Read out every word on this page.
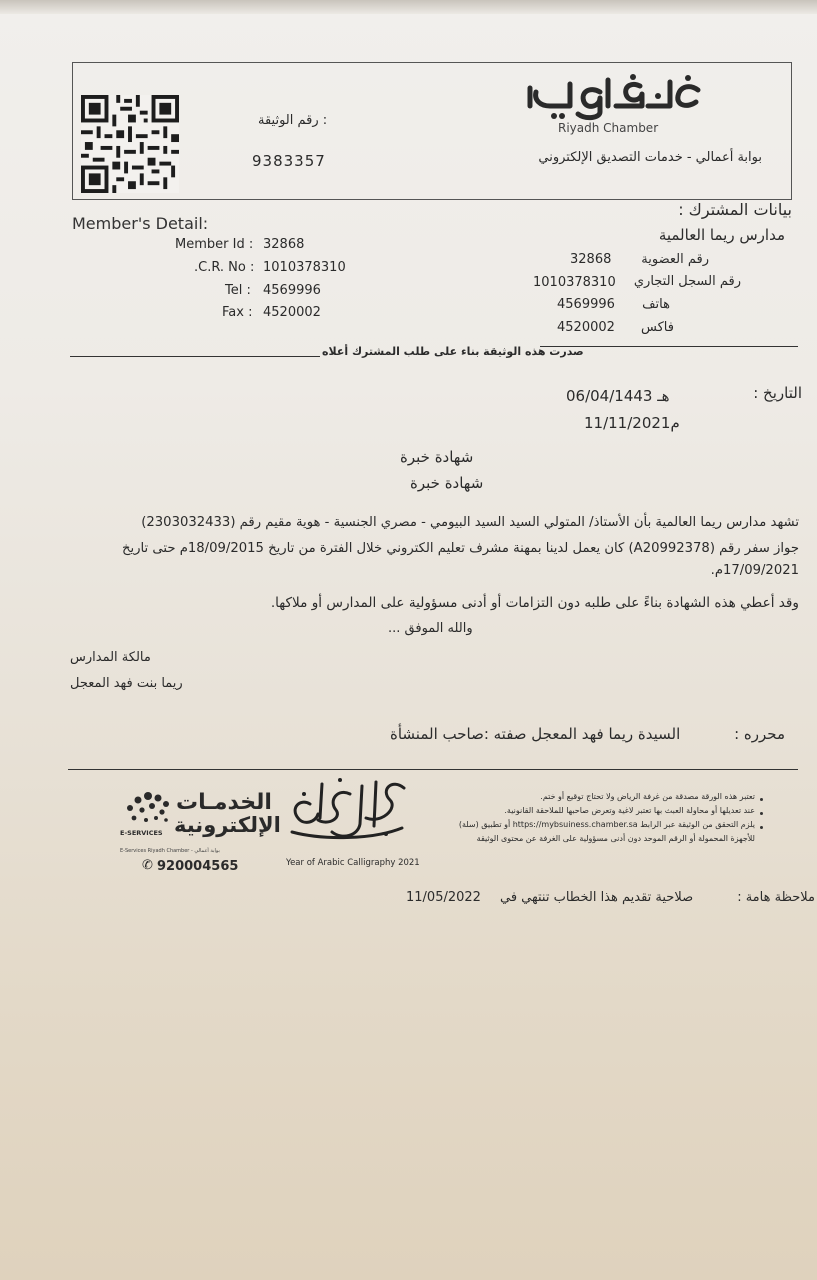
رقم الوثيقة :
9383357
Riyadh Chamber
بوابة أعمالي - خدمات التصديق الإلكتروني
Member's Detail:
Member Id : 32868
.C.R. No : 1010378310
Tel : 4569996
Fax : 4520002
بيانات المشترك :
مدارس ريما العالمية
رقم العضوية
32868
رقم السجل التجاري
1010378310
هاتف
4569996
فاكس
4520002
صدرت هذه الوثيقة بناء على طلب المشترك أعلاه
التاريخ :
06/04/1443 هـ
11/11/2021م
شهادة خبرة
شهادة خبرة
تشهد مدارس ريما العالمية بأن الأستاذ/ المتولي السيد السيد البيومي - مصري الجنسية - هوية مقيم رقم (2303032433)
جواز سفر رقم (A20992378) كان يعمل لدينا بمهنة مشرف تعليم الكتروني خلال الفترة من تاريخ 18/09/2015م حتى تاريخ
17/09/2021م.
وقد أعطي هذه الشهادة بناءً على طلبه دون التزامات أو أدنى مسؤولية على المدارس أو ملاكها.
والله الموفق ...
مالكة المدارس
ريما بنت فهد المعجل
محرره :
السيدة ريما فهد المعجل صفته :صاحب المنشأة
تعتبر هذه الورقة مصدقة من غرفة الرياض ولا تحتاج توقيع أو ختم.
عند تعديلها أو محاولة العبث بها تعتبر لاغية وتعرض صاحبها للملاحقة القانونية.
يلزم التحقق من الوثيقة عبر الرابط https://mybsuiness.chamber.sa أو تطبيق (سلة)
للأجهزة المحمولة أو الرقم الموحد دون أدنى مسؤولية على الغرفة عن محتوى الوثيقة
Year of Arabic Calligraphy 2021
E-SERVICES
الخدمـات
الإلكترونية
E-Services Riyadh Chamber - بوابة أعمالي
✆ 920004565
ملاحظة هامة :
صلاحية تقديم هذا الخطاب تنتهي في
11/05/2022
